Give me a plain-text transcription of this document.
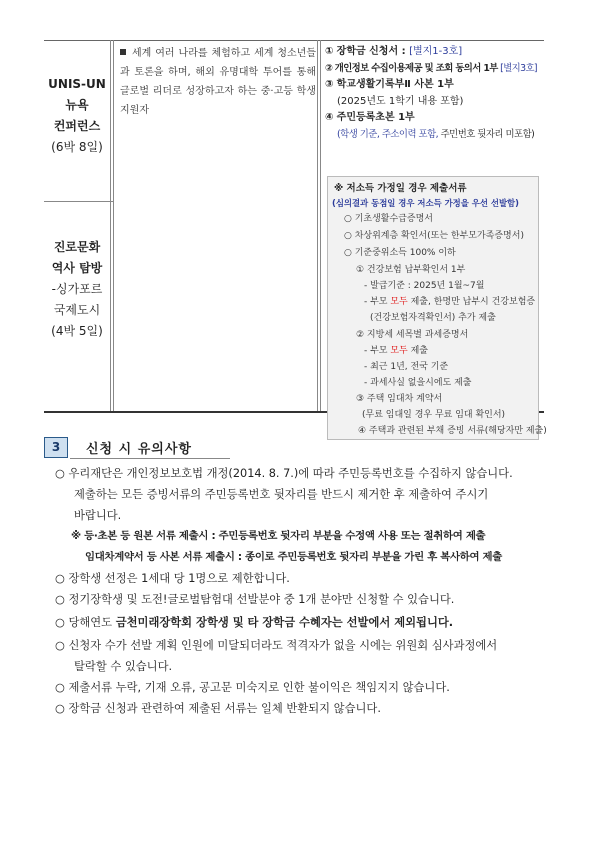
UNIS-UN
뉴욕
컨퍼런스
(6박 8일)
진로문화
역사 탐방
-싱가포르
국제도시
(4박 5일)
세계 여러 나라를 체험하고 세계 청소년들과 토론을 하며, 해외 유명대학 투어를 통해 글로벌 리더로 성장하고자 하는 중·고등 학생 지원자
① 장학금 신청서 : [별지1-3호]
② 개인정보 수집이용제공 및 조회 동의서 1부 [별지3호]
③ 학교생활기록부Ⅱ 사본 1부
(2025년도 1학기 내용 포함)
④ 주민등록초본 1부
(학생 기준, 주소이력 포함, 주민번호 뒷자리 미포함)
※ 저소득 가정일 경우 제출서류
(심의결과 동점일 경우 저소득 가정을 우선 선발함)
○ 기초생활수급증명서
○ 차상위계층 확인서(또는 한부모가족증명서)
○ 기준중위소득 100% 이하
① 건강보험 납부확인서 1부
- 발급기준 : 2025년 1월~7월
- 부모 모두 제출, 한명만 납부시 건강보험증
(건강보험자격확인서) 추가 제출
② 지방세 세목별 과세증명서
- 부모 모두 제출
- 최근 1년, 전국 기준
- 과세사실 없을시에도 제출
③ 주택 임대차 계약서
(무료 임대일 경우 무료 임대 확인서)
④ 주택과 관련된 부채 증빙 서류(해당자만 제출)
3	신청 시 유의사항
○ 우리재단은 개인정보보호법 개정(2014. 8. 7.)에 따라 주민등록번호를 수집하지 않습니다.
제출하는 모든 증빙서류의 주민등록번호 뒷자리를 반드시 제거한 후 제출하여 주시기
바랍니다.
※ 등·초본 등 원본 서류 제출시 : 주민등록번호 뒷자리 부분을 수정액 사용 또는 절취하여 제출
임대차계약서 등 사본 서류 제출시 : 종이로 주민등록번호 뒷자리 부분을 가린 후 복사하여 제출
○ 장학생 선정은 1세대 당 1명으로 제한합니다.
○ 정기장학생 및 도전!글로벌탐험대 선발분야 중 1개 분야만 신청할 수 있습니다.
○ 당해연도 금천미래장학회 장학생 및 타 장학금 수혜자는 선발에서 제외됩니다.
○ 신청자 수가 선발 계획 인원에 미달되더라도 적격자가 없을 시에는 위원회 심사과정에서
탈락할 수 있습니다.
○ 제출서류 누락, 기재 오류, 공고문 미숙지로 인한 불이익은 책임지지 않습니다.
○ 장학금 신청과 관련하여 제출된 서류는 일체 반환되지 않습니다.
